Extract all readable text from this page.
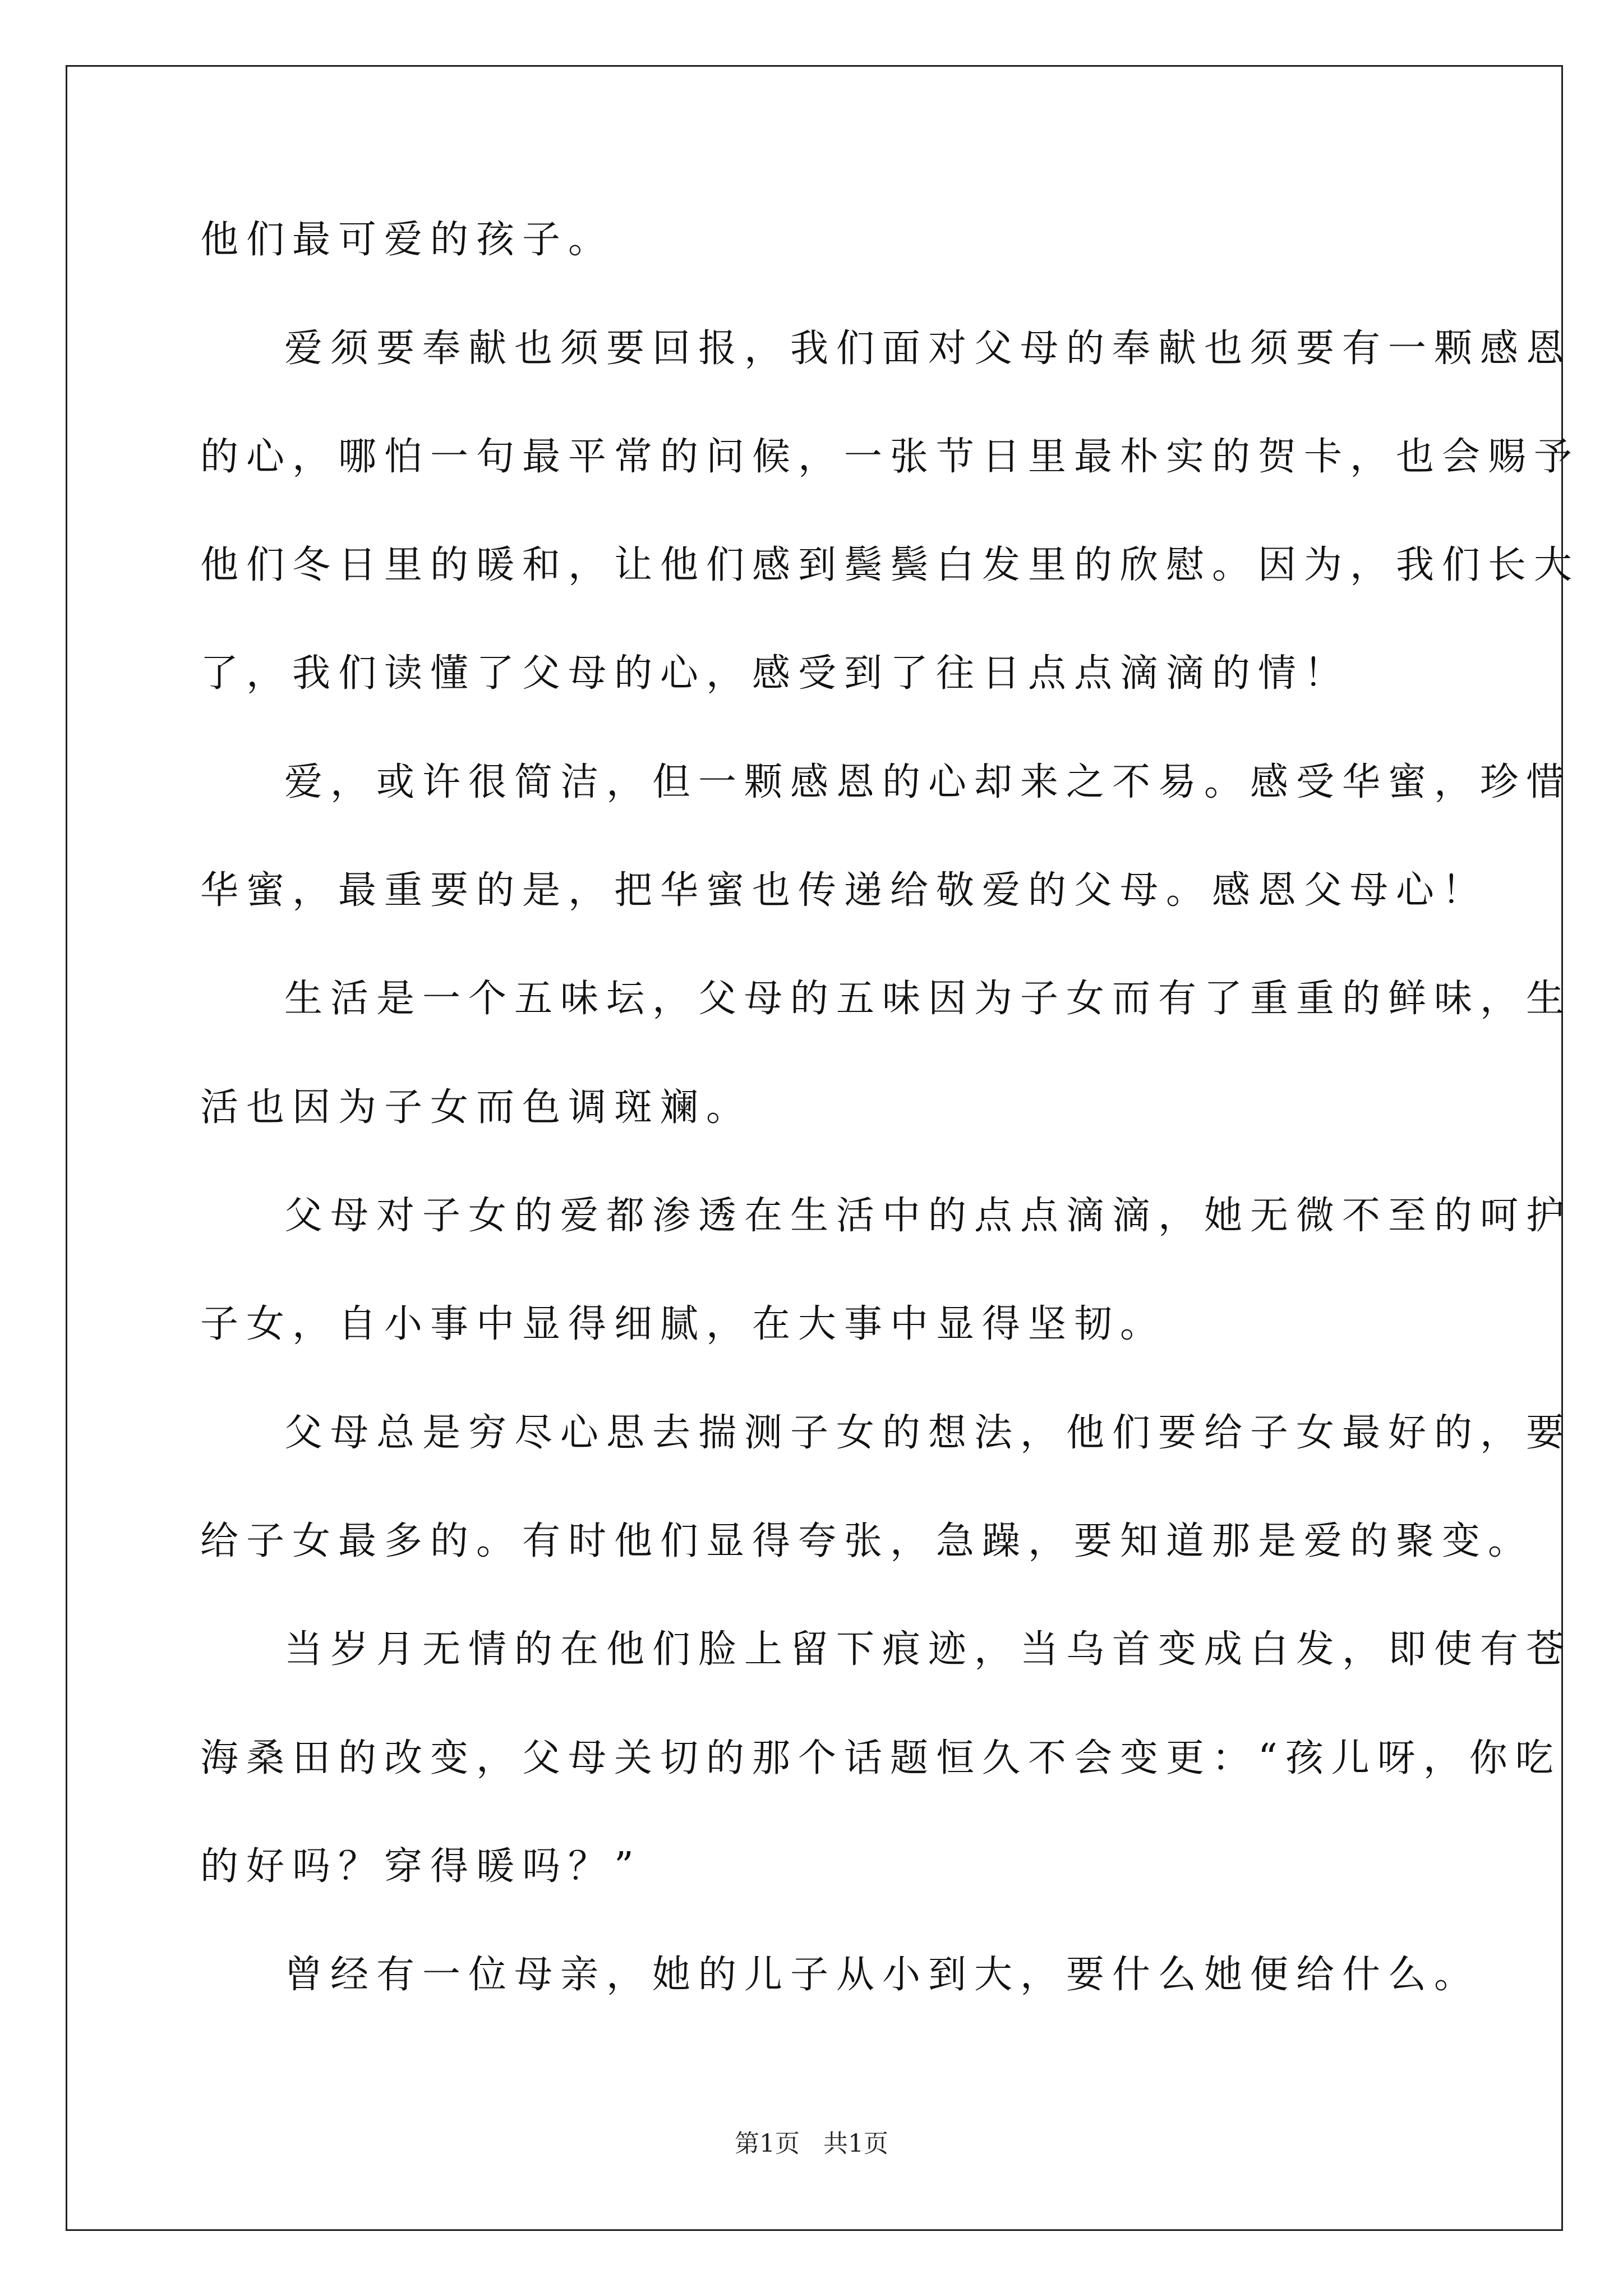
他们最可爱的孩子。
爱须要奉献也须要回报，我们面对父母的奉献也须要有一颗感恩
的心，哪怕一句最平常的问候，一张节日里最朴实的贺卡，也会赐予
他们冬日里的暖和，让他们感到鬓鬓白发里的欣慰。因为，我们长大
了，我们读懂了父母的心，感受到了往日点点滴滴的情！
爱，或许很简洁，但一颗感恩的心却来之不易。感受华蜜，珍惜
华蜜，最重要的是，把华蜜也传递给敬爱的父母。感恩父母心！
生活是一个五味坛，父母的五味因为子女而有了重重的鲜味，生
活也因为子女而色调斑斓。
父母对子女的爱都渗透在生活中的点点滴滴，她无微不至的呵护
子女，自小事中显得细腻，在大事中显得坚韧。
父母总是穷尽心思去揣测子女的想法，他们要给子女最好的，要
给子女最多的。有时他们显得夸张，急躁，要知道那是爱的聚变。
当岁月无情的在他们脸上留下痕迹，当乌首变成白发，即使有苍
海桑田的改变，父母关切的那个话题恒久不会变更：“孩儿呀，你吃
的好吗？穿得暖吗？”
曾经有一位母亲，她的儿子从小到大，要什么她便给什么。
第1页   共1页
